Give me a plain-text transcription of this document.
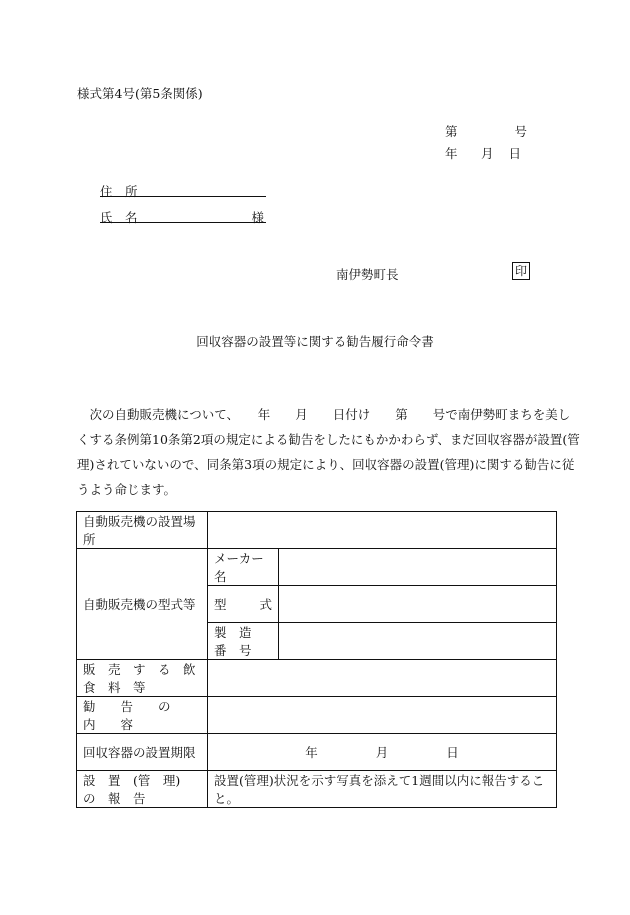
様式第4号(第5条関係)
第	号
年 月 日
住　所
氏　名	様
南伊勢町長	印
回収容器の設置等に関する勧告履行命令書
　次の自動販売機について、　　年　　月　　日付け　　第　　号で南伊勢町まちを美し
くする条例第10条第2項の規定による勧告をしたにもかかわらず、まだ回収容器が設置(管
理)されていないので、同条第3項の規定により、回収容器の設置(管理)に関する勧告に従
うよう命じます。
自動販売機の設置場所		
自動販売機の型式等	メーカー名	

	型 式	

	製　造　番　号	
販　売　す　る　飲　食　料　等		
勧　　告　　の　　内　　容		
回収容器の設置期限	年 月 日	

設　置　(管　理)　の　報　告	設置(管理)状況を示す写真を添えて1週間以内に報告すること。	
